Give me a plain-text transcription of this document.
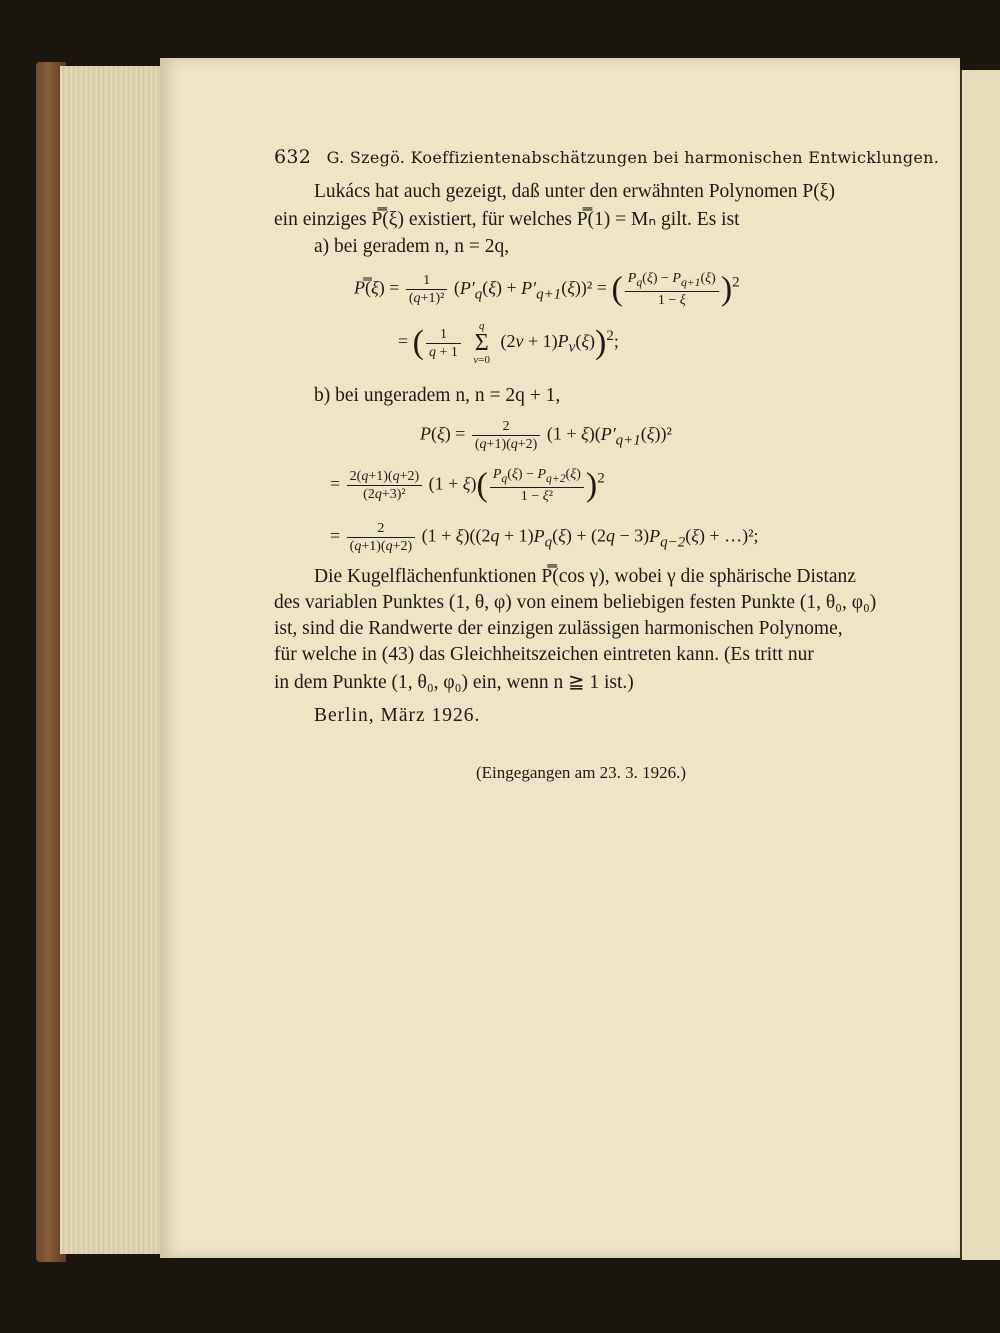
632 G. Szegö. Koeffizientenabschätzungen bei harmonischen Entwicklungen.
Lukács hat auch gezeigt, daß unter den erwähnten Polynomen P(ξ)
ein einziges P̿(ξ) existiert, für welches P̿(1) = Mₙ gilt. Es ist
a) bei geradem n, n = 2q,
P̿(ξ) = $\frac{1}{\text{(q+1)²}} (P'_q(\xi) + P'_{q+1}(\xi))^2$ = ( $\frac{P_q(\xi) - P_{q+1}(\xi)}{1 - \xi} )^2$
= ( $\frac{1}{q + 1}$
	q
Σ
ν=0
$(2\nu + 1)P_\nu(\xi))^2$;
b) bei ungeradem n, n = 2q + 1,
$P(\xi) = \frac{2}{(q+1)(q+2)} (1 + \xi)(P'_{q+1}(\xi))^2$
= $\frac{2(q+1)(q+2)}{\text{(2q+3)²}} (1 + \xi)( \frac{P_q(\xi) - P_{q+2}(\xi)}{\text{1 − ξ²}} )^2$
= $\frac{2}{(q+1)(q+2)} (1 + \xi)((2q + 1)P_q(\xi) + (2q - 3)P_{q-2}(\xi)$ + …)²;
Die Kugelflächenfunktionen P̿(cos γ), wobei γ die sphärische Distanz
des variablen Punktes (1, θ, φ) von einem beliebigen festen Punkte (1, θ₀, φ₀)
ist, sind die Randwerte der einzigen zulässigen harmonischen Polynome,
für welche in (43) das Gleichheitszeichen eintreten kann. (Es tritt nur
in dem Punkte (1, θ₀, φ₀) ein, wenn n ≧ 1 ist.)
Berlin, März 1926.
(Eingegangen am 23. 3. 1926.)
